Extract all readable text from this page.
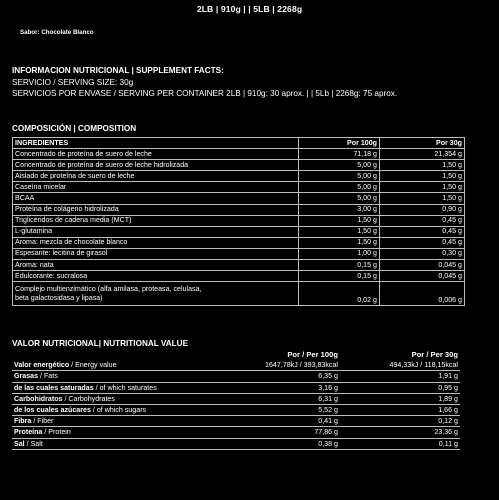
2LB | 910g | | 5LB | 2268g
Sabor: Chocolate Blanco
INFORMACION NUTRICIONAL | SUPPLEMENT FACTS:
SERVICIO / SERVING SIZE: 30g
SERVICIOS POR ENVASE / SERVING PER CONTAINER 2LB | 910g: 30 aprox. | | 5Lb | 2268g: 75 aprox.
COMPOSICIÓN | COMPOSITION
INGREDIENTES	Por 100g	Por 30g
Concentrado de proteína de suero de leche	71,18 g	21,354 g
Concentrado de proteína de suero de leche hidrolizada	5,00 g	1,50 g
Aislado de proteína de suero de leche	5,00 g	1,50 g
Caseína micelar	5,00 g	1,50 g
BCAA	5,00 g	1,50 g
Proteína de colágeno hidrolizada	3,00 g	0,90 g
Triglicéridos de cadena media (MCT)	1,50 g	0,45 g
L-glutamina	1,50 g	0,45 g
Aroma: mezcla de chocolate blanco	1,50 g	0,45 g
Espesante: lecitina de girasol	1,00 g	0,30 g
Aroma: nata	0,15 g	0,045 g
Edulcorante: sucralosa	0,15 g	0,045 g

Complejo multienzimático (alfa amilasa, proteasa, celulasa,
beta galactosidasa y lipasa)	0,02 g	0,006 g
VALOR NUTRICIONAL| NUTRITIONAL VALUE
	Por / Per 100g	Por / Per 30g
Valor energético / Energy value	1647,78kJ / 393,83kcal	494,33kJ / 118,15kcal
Grasas / Fats	6,35 g	1,91 g
de las cuales saturadas / of which saturates	3,16 g	0,95 g
Carbohidratos / Carbohydrates	6,31 g	1,89 g
de los cuales azúcares / of which sugars	5,52 g	1,66 g
Fibra / Fiber	0,41 g	0,12 g
Proteína / Protein	77,86 g	23,36 g
Sal / Salt	0,38 g	0,11 g
